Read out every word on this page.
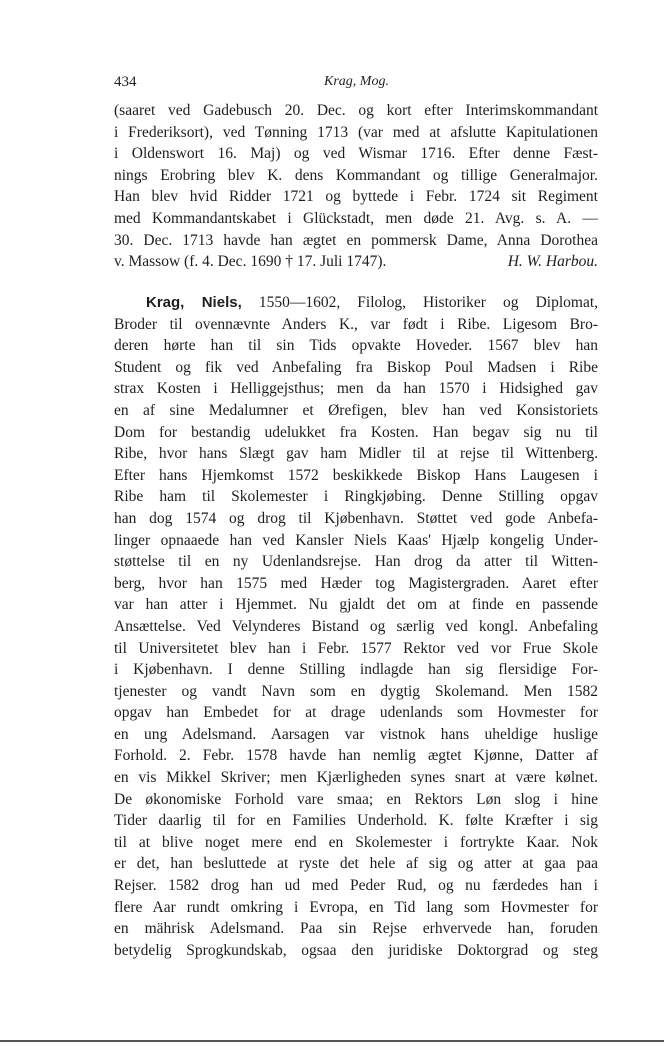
434	Krag, Mog.
(saaret ved Gadebusch 20. Dec. og kort efter Interimskommandant
i Frederiksort), ved Tønning 1713 (var med at afslutte Kapitulationen
i Oldenswort 16. Maj) og ved Wismar 1716. Efter denne Fæst-
nings Erobring blev K. dens Kommandant og tillige Generalmajor.
Han blev hvid Ridder 1721 og byttede i Febr. 1724 sit Regiment
med Kommandantskabet i Glückstadt, men døde 21. Avg. s. A. —
30. Dec. 1713 havde han ægtet en pommersk Dame, Anna Dorothea
v. Massow (f. 4. Dec. 1690 † 17. Juli 1747).	H. W. Harbou.
Krag, Niels, 1550—1602, Filolog, Historiker og Diplomat,
Broder til ovennævnte Anders K., var født i Ribe. Ligesom Bro-
deren hørte han til sin Tids opvakte Hoveder. 1567 blev han
Student og fik ved Anbefaling fra Biskop Poul Madsen i Ribe
strax Kosten i Helliggejsthus; men da han 1570 i Hidsighed gav
en af sine Medalumner et Ørefigen, blev han ved Konsistoriets
Dom for bestandig udelukket fra Kosten. Han begav sig nu til
Ribe, hvor hans Slægt gav ham Midler til at rejse til Wittenberg.
Efter hans Hjemkomst 1572 beskikkede Biskop Hans Laugesen i
Ribe ham til Skolemester i Ringkjøbing. Denne Stilling opgav
han dog 1574 og drog til Kjøbenhavn. Støttet ved gode Anbefa-
linger opnaaede han ved Kansler Niels Kaas' Hjælp kongelig Under-
støttelse til en ny Udenlandsrejse. Han drog da atter til Witten-
berg, hvor han 1575 med Hæder tog Magistergraden. Aaret efter
var han atter i Hjemmet. Nu gjaldt det om at finde en passende
Ansættelse. Ved Velynderes Bistand og særlig ved kongl. Anbefaling
til Universitetet blev han i Febr. 1577 Rektor ved vor Frue Skole
i Kjøbenhavn. I denne Stilling indlagde han sig flersidige For-
tjenester og vandt Navn som en dygtig Skolemand. Men 1582
opgav han Embedet for at drage udenlands som Hovmester for
en ung Adelsmand. Aarsagen var vistnok hans uheldige huslige
Forhold. 2. Febr. 1578 havde han nemlig ægtet Kjønne, Datter af
en vis Mikkel Skriver; men Kjærligheden synes snart at være kølnet.
De økonomiske Forhold vare smaa; en Rektors Løn slog i hine
Tider daarlig til for en Families Underhold. K. følte Kræfter i sig
til at blive noget mere end en Skolemester i fortrykte Kaar. Nok
er det, han besluttede at ryste det hele af sig og atter at gaa paa
Rejser. 1582 drog han ud med Peder Rud, og nu færdedes han i
flere Aar rundt omkring i Evropa, en Tid lang som Hovmester for
en mährisk Adelsmand. Paa sin Rejse erhvervede han, foruden
betydelig Sprogkundskab, ogsaa den juridiske Doktorgrad og steg
